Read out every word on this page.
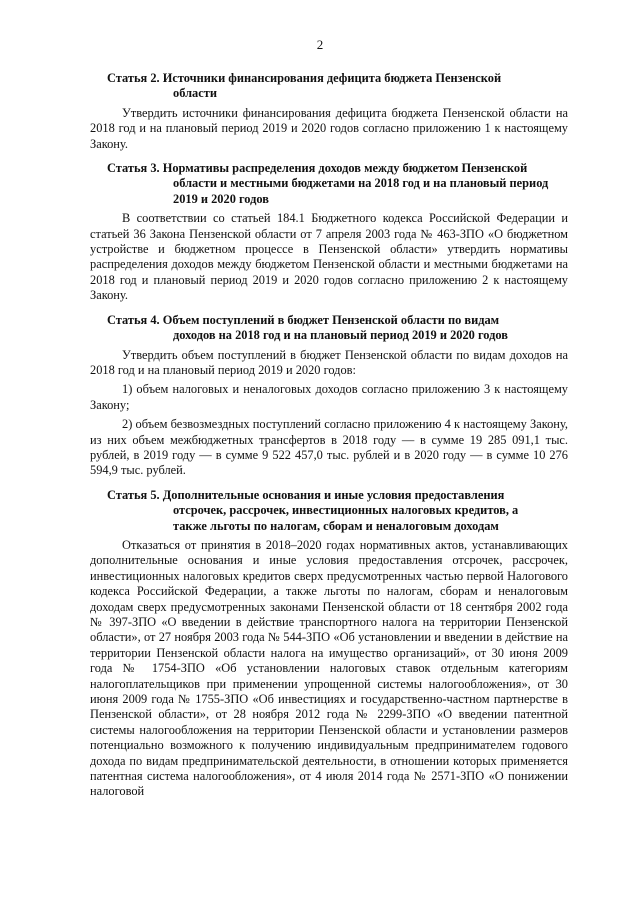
2
Статья 2. Источники финансирования дефицита бюджета Пензенской
области

Утвердить источники финансирования дефицита бюджета Пензенской области на 2018 год и на плановый период 2019 и 2020 годов согласно приложению 1 к настоящему Закону.

Статья 3. Нормативы распределения доходов между бюджетом Пензенской
области и местными бюджетами на 2018 год и на плановый период
2019 и 2020 годов

В соответствии со статьей 184.1 Бюджетного кодекса Российской Федерации и статьей 36 Закона Пензенской области от 7 апреля 2003 года № 463-ЗПО «О бюджетном устройстве и бюджетном процессе в Пензенской области» утвердить нормативы распределения доходов между бюджетом Пензенской области и местными бюджетами на 2018 год и плановый период 2019 и 2020 годов согласно приложению 2 к настоящему Закону.

Статья 4. Объем поступлений в бюджет Пензенской области по видам
доходов на 2018 год и на плановый период 2019 и 2020 годов

Утвердить объем поступлений в бюджет Пензенской области по видам доходов на 2018 год и на плановый период 2019 и 2020 годов:

1) объем налоговых и неналоговых доходов согласно приложению 3 к настоящему Закону;

2) объем безвозмездных поступлений согласно приложению 4 к настоящему Закону, из них объем межбюджетных трансфертов в 2018 году — в сумме 19 285 091,1 тыс. рублей, в 2019 году — в сумме 9 522 457,0 тыс. рублей и в 2020 году — в сумме 10 276 594,9 тыс. рублей.

Статья 5. Дополнительные основания и иные условия предоставления
отсрочек, рассрочек, инвестиционных налоговых кредитов, а
также льготы по налогам, сборам и неналоговым доходам

Отказаться от принятия в 2018–2020 годах нормативных актов, устанавливающих дополнительные основания и иные условия предоставления отсрочек, рассрочек, инвестиционных налоговых кредитов сверх предусмотренных частью первой Налогового кодекса Российской Федерации, а также льготы по налогам, сборам и неналоговым доходам сверх предусмотренных законами Пензенской области от 18 сентября 2002 года № 397-ЗПО «О введении в действие транспортного налога на территории Пензенской области», от 27 ноября 2003 года № 544-ЗПО «Об установлении и введении в действие на территории Пензенской области налога на имущество организаций», от 30 июня 2009 года № 1754-ЗПО «Об установлении налоговых ставок отдельным категориям налогоплательщиков при применении упрощенной системы налогообложения», от 30 июня 2009 года № 1755-ЗПО «Об инвестициях и государственно-частном партнерстве в Пензенской области», от 28 ноября 2012 года № 2299-ЗПО «О введении патентной системы налогообложения на территории Пензенской области и установлении размеров потенциально возможного к получению индивидуальным предпринимателем годового дохода по видам предпринимательской деятельности, в отношении которых применяется патентная система налогообложения», от 4 июля 2014 года № 2571-ЗПО «О понижении налоговой
